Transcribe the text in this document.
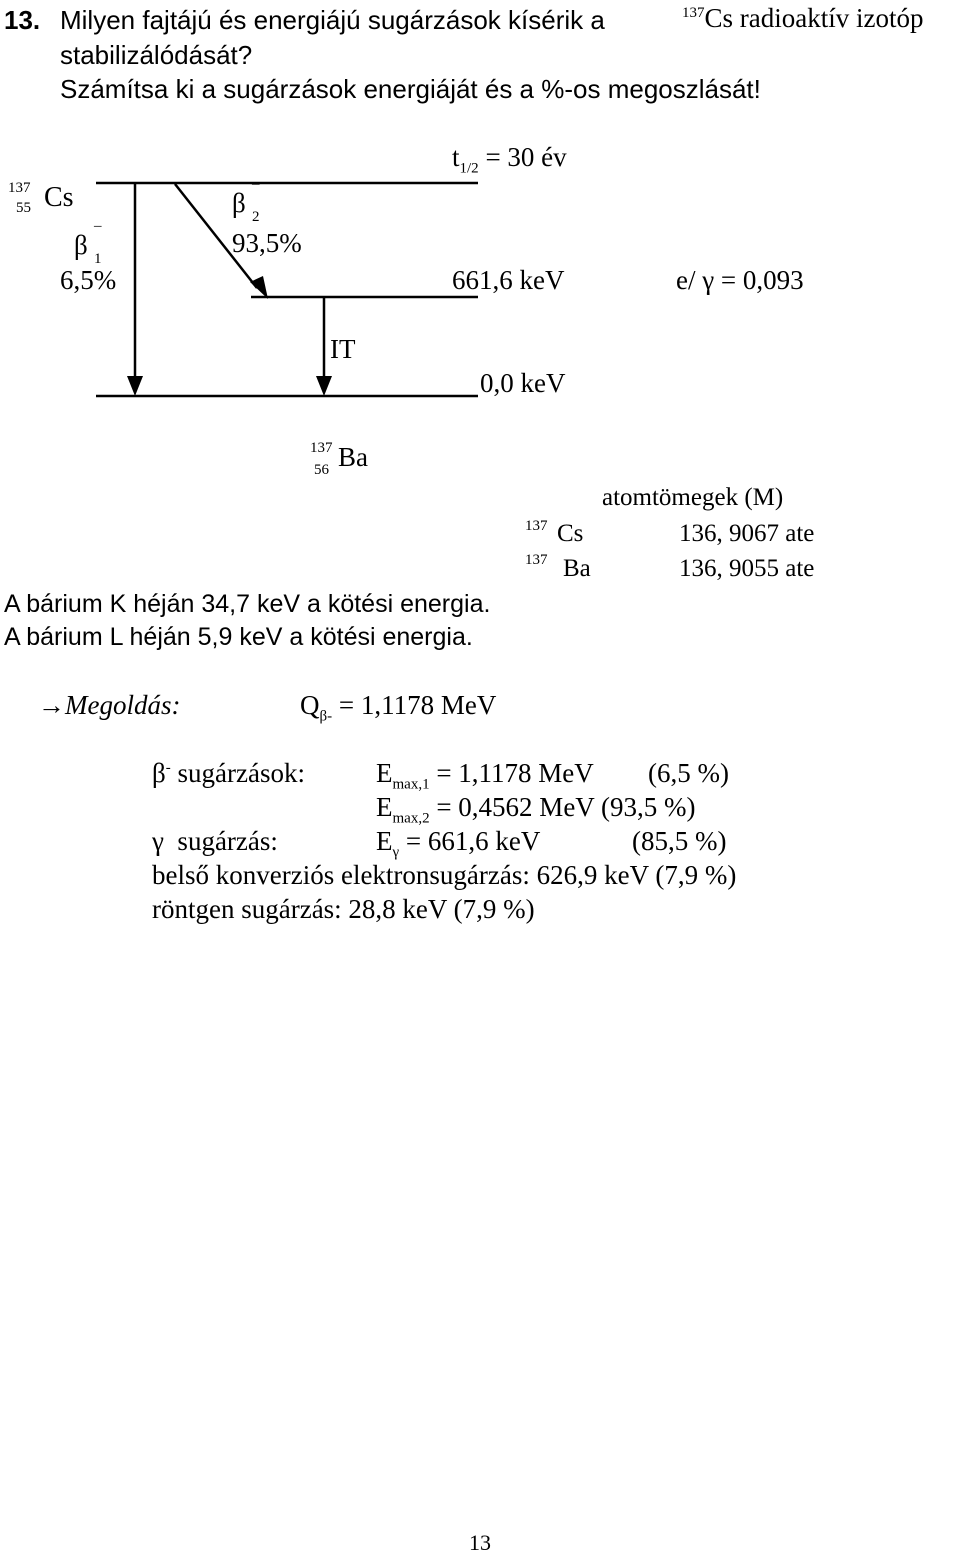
13. Milyen fajtájú és energiájú sugárzások kísérik a	$^{137}$Cs radioaktív izotóp
stabilizálódását?
Számítsa ki a sugárzások energiáját és a %-os megoszlását!
$t_{1/2} = 30$ év
137
55 Cs	β 2
–
β 1
–
93,5%
6,5%	661,6 keV	e/ γ = 0,093
IT
0,0 keV
137
56 Ba
atomtömegek (M)
137 Cs	136, 9067 ate
137 Ba	136, 9055 ate
A bárium K héján 34,7 keV a kötési energia.
A bárium L héján 5,9 keV a kötési energia.
→Megoldás:	$Q_{\beta-} = 1,1178$ MeV
β- sugárzások:	$E_{max,1} = 1,1178$ MeV (6,5 %)
$E_{max,2} = 0,4562$ MeV (93,5 %)
γ  sugárzás:	$E_\gamma = 661,6$ keV	(85,5 %)
belső konverziós elektronsugárzás: 626,9 keV (7,9 %)
röntgen sugárzás: 28,8 keV (7,9 %)
13
